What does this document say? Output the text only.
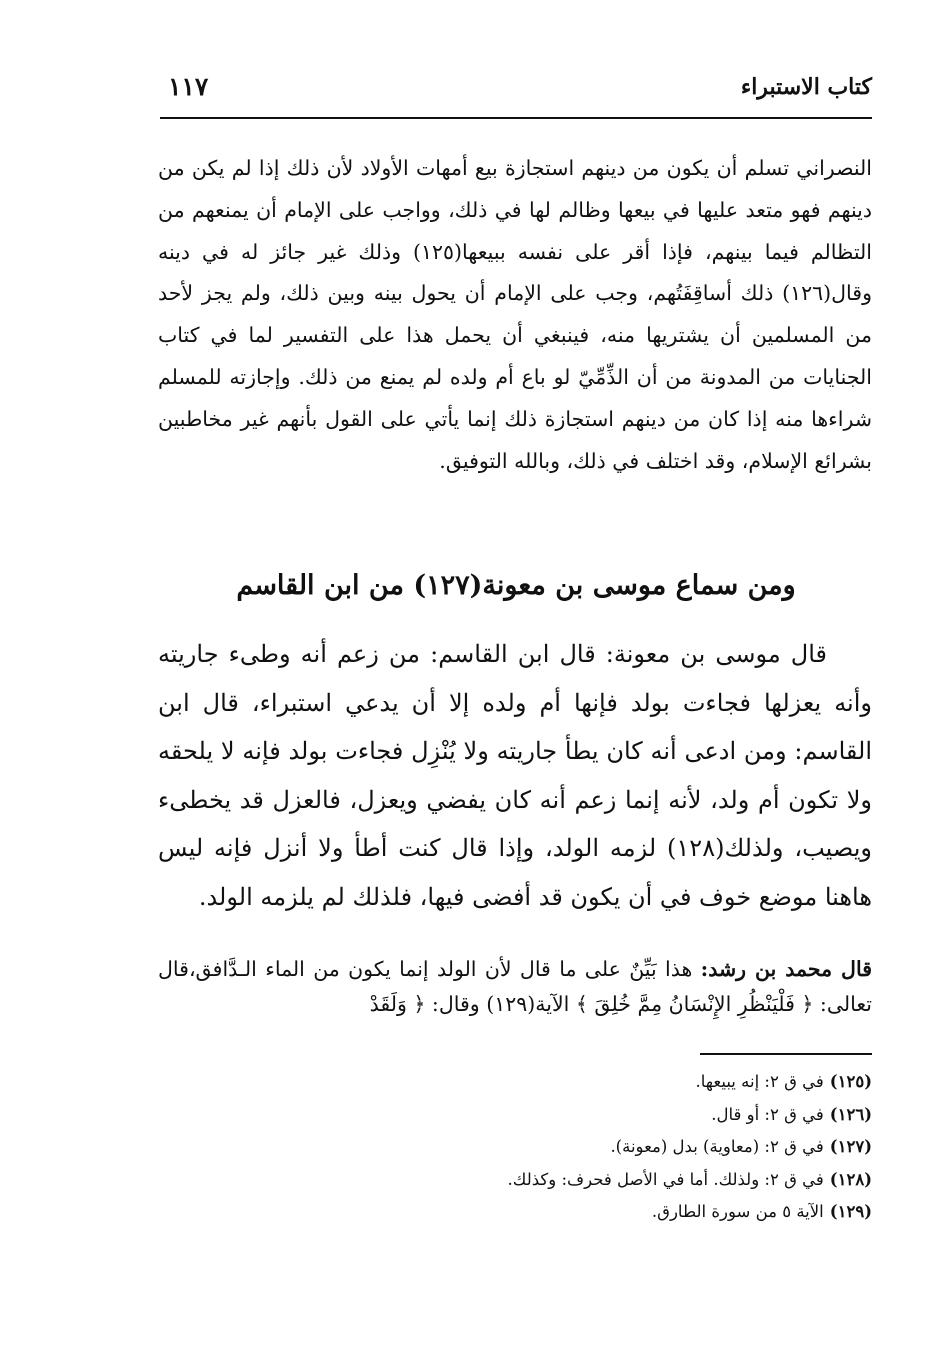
كتاب الاستبراء
١١٧
النصراني تسلم أن يكون من دينهم استجازة بيع أمهات الأولاد لأن ذلك إذا لم يكن من دينهم فهو متعد عليها في بيعها وظالم لها في ذلك، وواجب على الإمام أن يمنعهم من التظالم فيما بينهم، فإذا أقر على نفسه ببيعها(١٢٥) وذلك غير جائز له في دينه وقال(١٢٦) ذلك أساقِفَتُهم، وجب على الإمام أن يحول بينه وبين ذلك، ولم يجز لأحد من المسلمين أن يشتريها منه، فينبغي أن يحمل هذا على التفسير لما في كتاب الجنايات من المدونة من أن الذِّمِّيّ لو باع أم ولده لم يمنع من ذلك. وإجازته للمسلم شراءها منه إذا كان من دينهم استجازة ذلك إنما يأتي على القول بأنهم غير مخاطبين بشرائع الإسلام، وقد اختلف في ذلك، وبالله التوفيق.
ومن سماع موسى بن معونة(١٢٧) من ابن القاسم
قال موسى بن معونة: قال ابن القاسم: من زعم أنه وطىء جاريته وأنه يعزلها فجاءت بولد فإنها أم ولده إلا أن يدعي استبراء، قال ابن القاسم: ومن ادعى أنه كان يطأ جاريته ولا يُنْزِل فجاءت بولد فإنه لا يلحقه ولا تكون أم ولد، لأنه إنما زعم أنه كان يفضي ويعزل، فالعزل قد يخطىء ويصيب، ولذلك(١٢٨) لزمه الولد، وإذا قال كنت أطأ ولا أنزل فإنه ليس هاهنا موضع خوف في أن يكون قد أفضى فيها، فلذلك لم يلزمه الولد.
قال محمد بن رشد: هذا بَيِّنٌ على ما قال لأن الولد إنما يكون من الماء الـدَّافق،قال تعالى: ﴿ فَلْيَنْظُرِ الإِنْسَانُ مِمَّ خُلِقَ ﴾ الآية(١٢٩) وقال: ﴿ وَلَقَدْ
(١٢٥)في ق ٢: إنه يبيعها.
(١٢٦)في ق ٢: أو قال.
(١٢٧)في ق ٢: (معاوية) بدل (معونة).
(١٢٨)في ق ٢: ولذلك. أما في الأصل فحرف: وكذلك.
(١٢٩)الآية ٥ من سورة الطارق.
